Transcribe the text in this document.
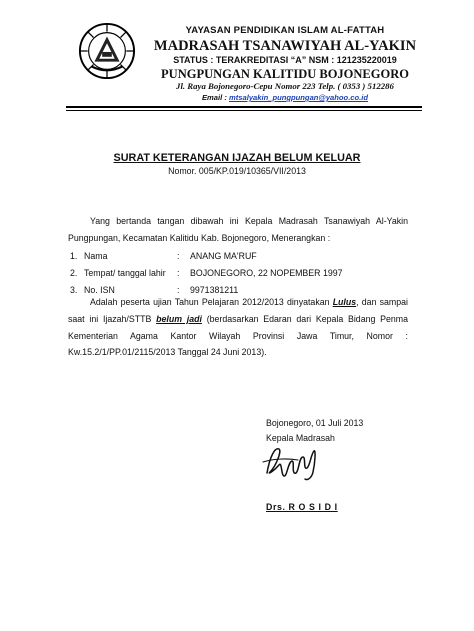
YAYASAN PENDIDIKAN ISLAM AL-FATTAH
MADRASAH TSANAWIYAH AL-YAKIN
STATUS : TERAKREDITASI “A” NSM : 121235220019
PUNGPUNGAN KALITIDU BOJONEGORO
Jl. Raya Bojonegoro-Cepu Nomor 223 Telp. ( 0353 ) 512286
Email : mtsalyakin_pungpungan@yahoo.co.id
SURAT KETERANGAN IJAZAH BELUM KELUAR
Nomor. 005/KP.019/10365/VII/2013

Yang bertanda tangan dibawah ini Kepala Madrasah Tsanawiyah Al-Yakin Pungpungan, Kecamatan Kalitidu Kab. Bojonegoro, Menerangkan :

1. Nama	: ANANG MA'RUF
2. Tempat/ tanggal lahir : BOJONEGORO, 22 NOPEMBER 1997
3. No. ISN	: 9971381211

Adalah peserta ujian Tahun Pelajaran 2012/2013 dinyatakan Lulus, dan sampai saat ini Ijazah/STTB belum jadi (berdasarkan Edaran dari Kepala Bidang Penma Kementerian Agama Kantor Wilayah Provinsi Jawa Timur, Nomor : Kw.15.2/1/PP.01/2115/2013 Tanggal 24 Juni 2013).

Bojonegoro, 01 Juli 2013
Kepala Madrasah
Drs. R O S I D I
